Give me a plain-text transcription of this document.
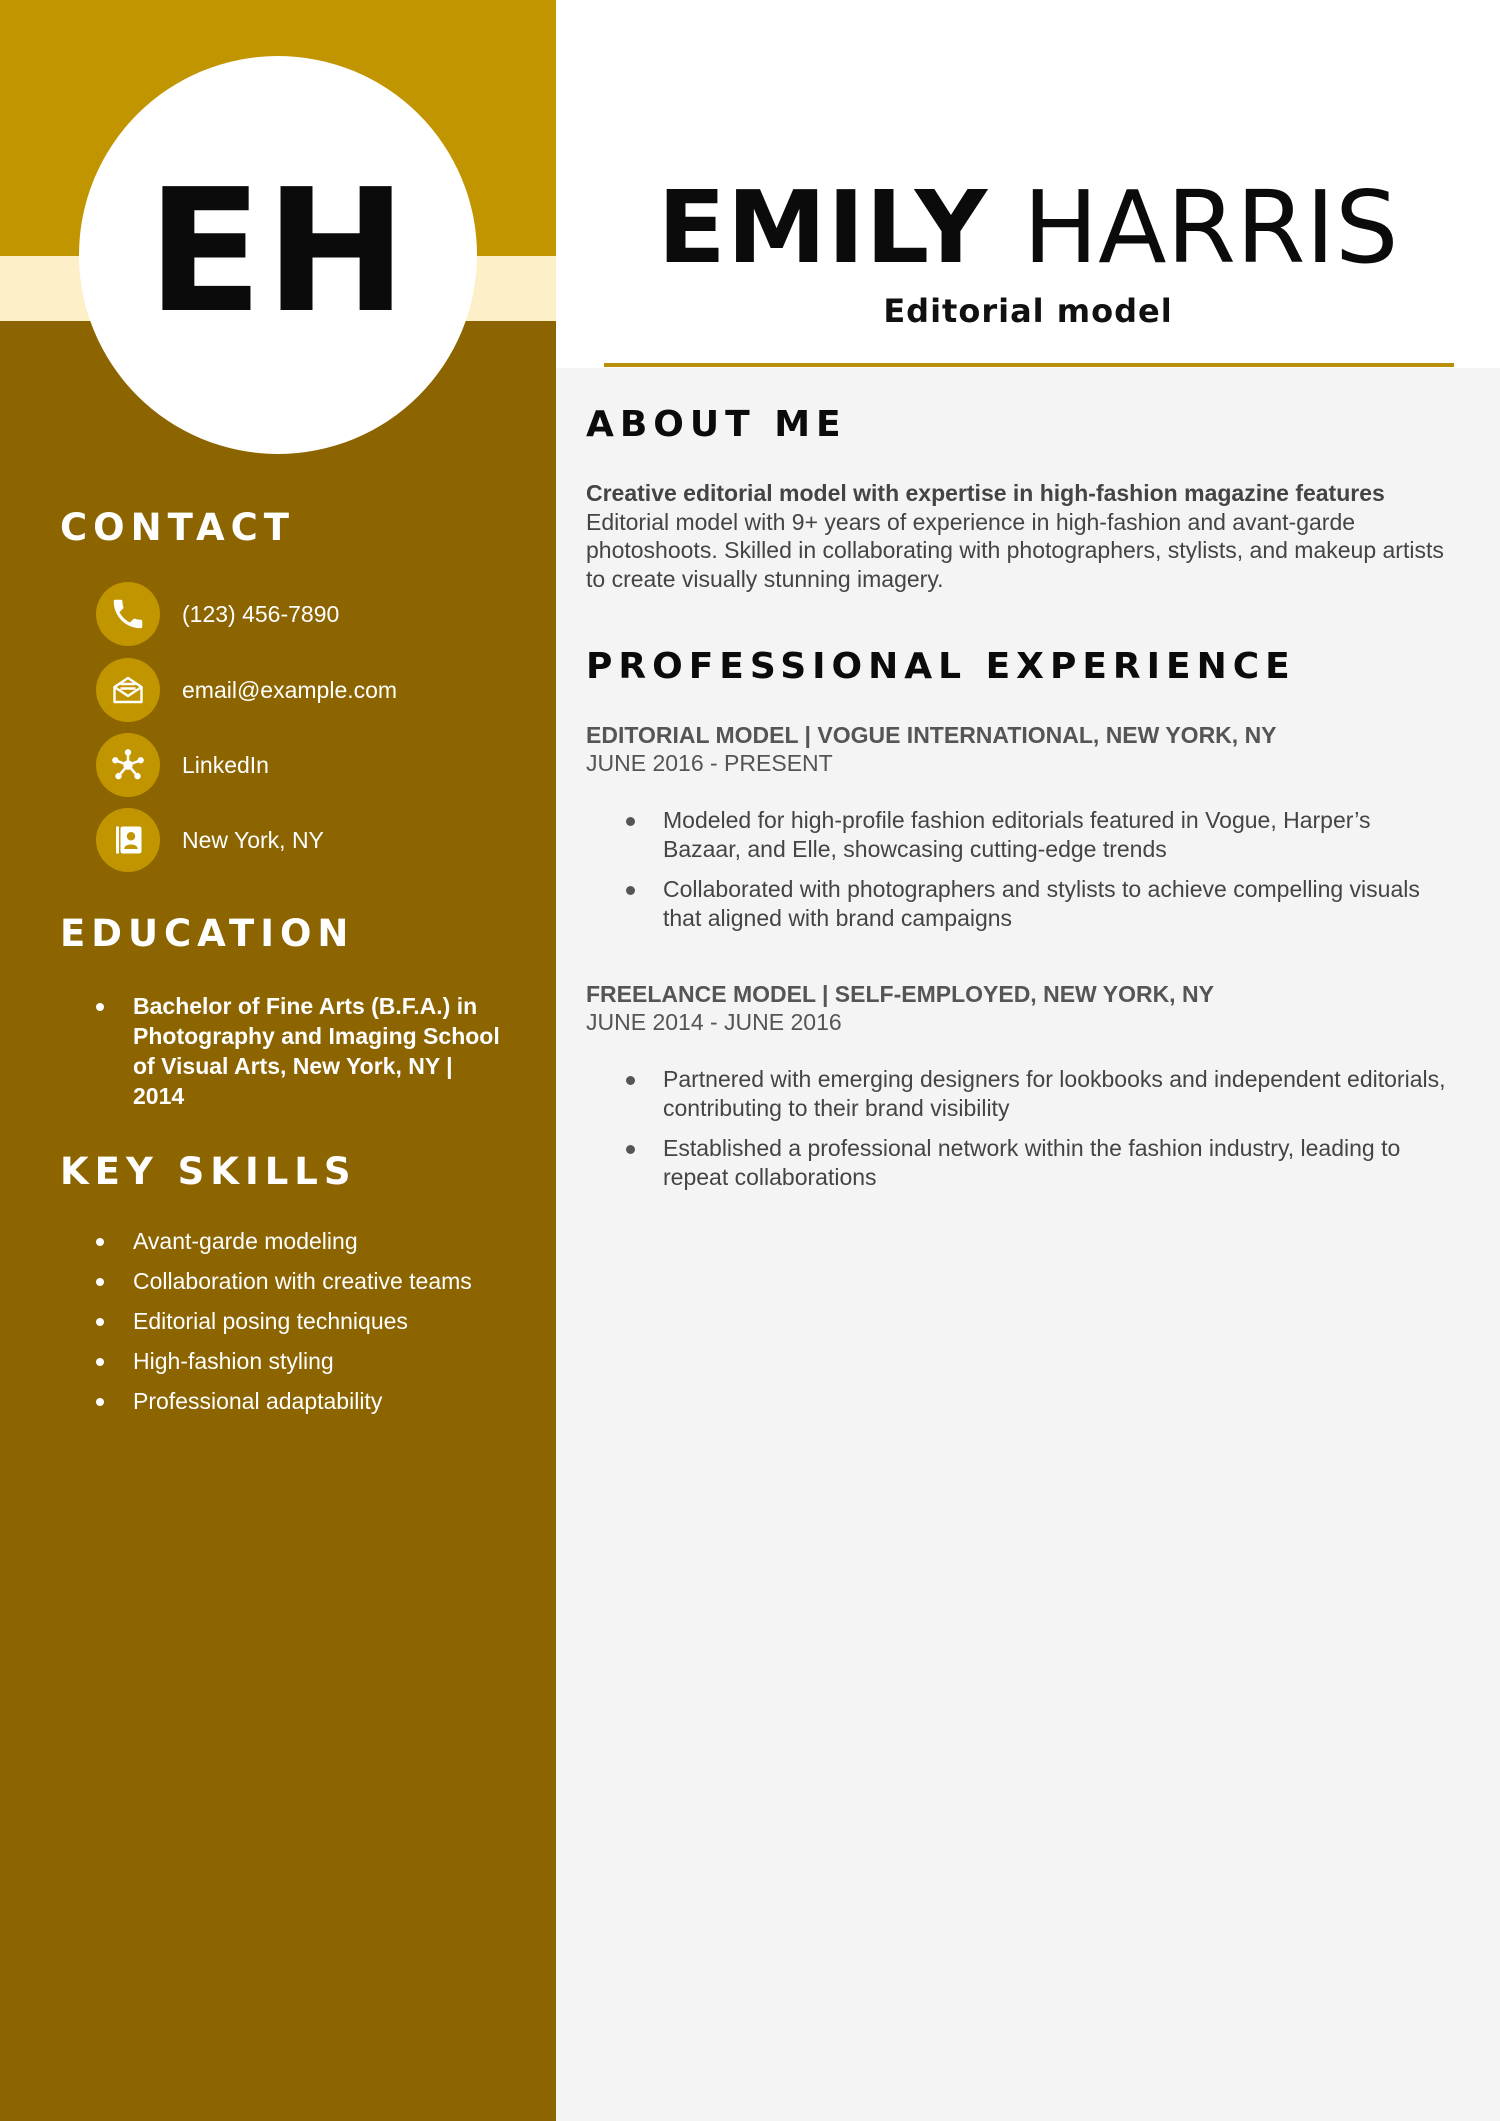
EH	EMILY HARRIS
Editorial model
CONTACT
(123) 456-7890
email@example.com
LinkedIn
New York, NY
EDUCATION
Bachelor of Fine Arts (B.F.A.) in Photography and Imaging School of Visual Arts, New York, NY | 2014
KEY SKILLS
Avant-garde modeling
Collaboration with creative teams
Editorial posing techniques
High-fashion styling
Professional adaptability
ABOUT ME
Creative editorial model with expertise in high-fashion magazine features
Editorial model with 9+ years of experience in high-fashion and avant-garde photoshoots. Skilled in collaborating with photographers, stylists, and makeup artists to create visually stunning imagery.
PROFESSIONAL EXPERIENCE
EDITORIAL MODEL | VOGUE INTERNATIONAL, NEW YORK, NY
JUNE 2016 - PRESENT
Modeled for high-profile fashion editorials featured in Vogue, Harper’s Bazaar, and Elle, showcasing cutting-edge trends
Collaborated with photographers and stylists to achieve compelling visuals that aligned with brand campaigns
FREELANCE MODEL | SELF-EMPLOYED, NEW YORK, NY
JUNE 2014 - JUNE 2016
Partnered with emerging designers for lookbooks and independent editorials, contributing to their brand visibility
Established a professional network within the fashion industry, leading to repeat collaborations
